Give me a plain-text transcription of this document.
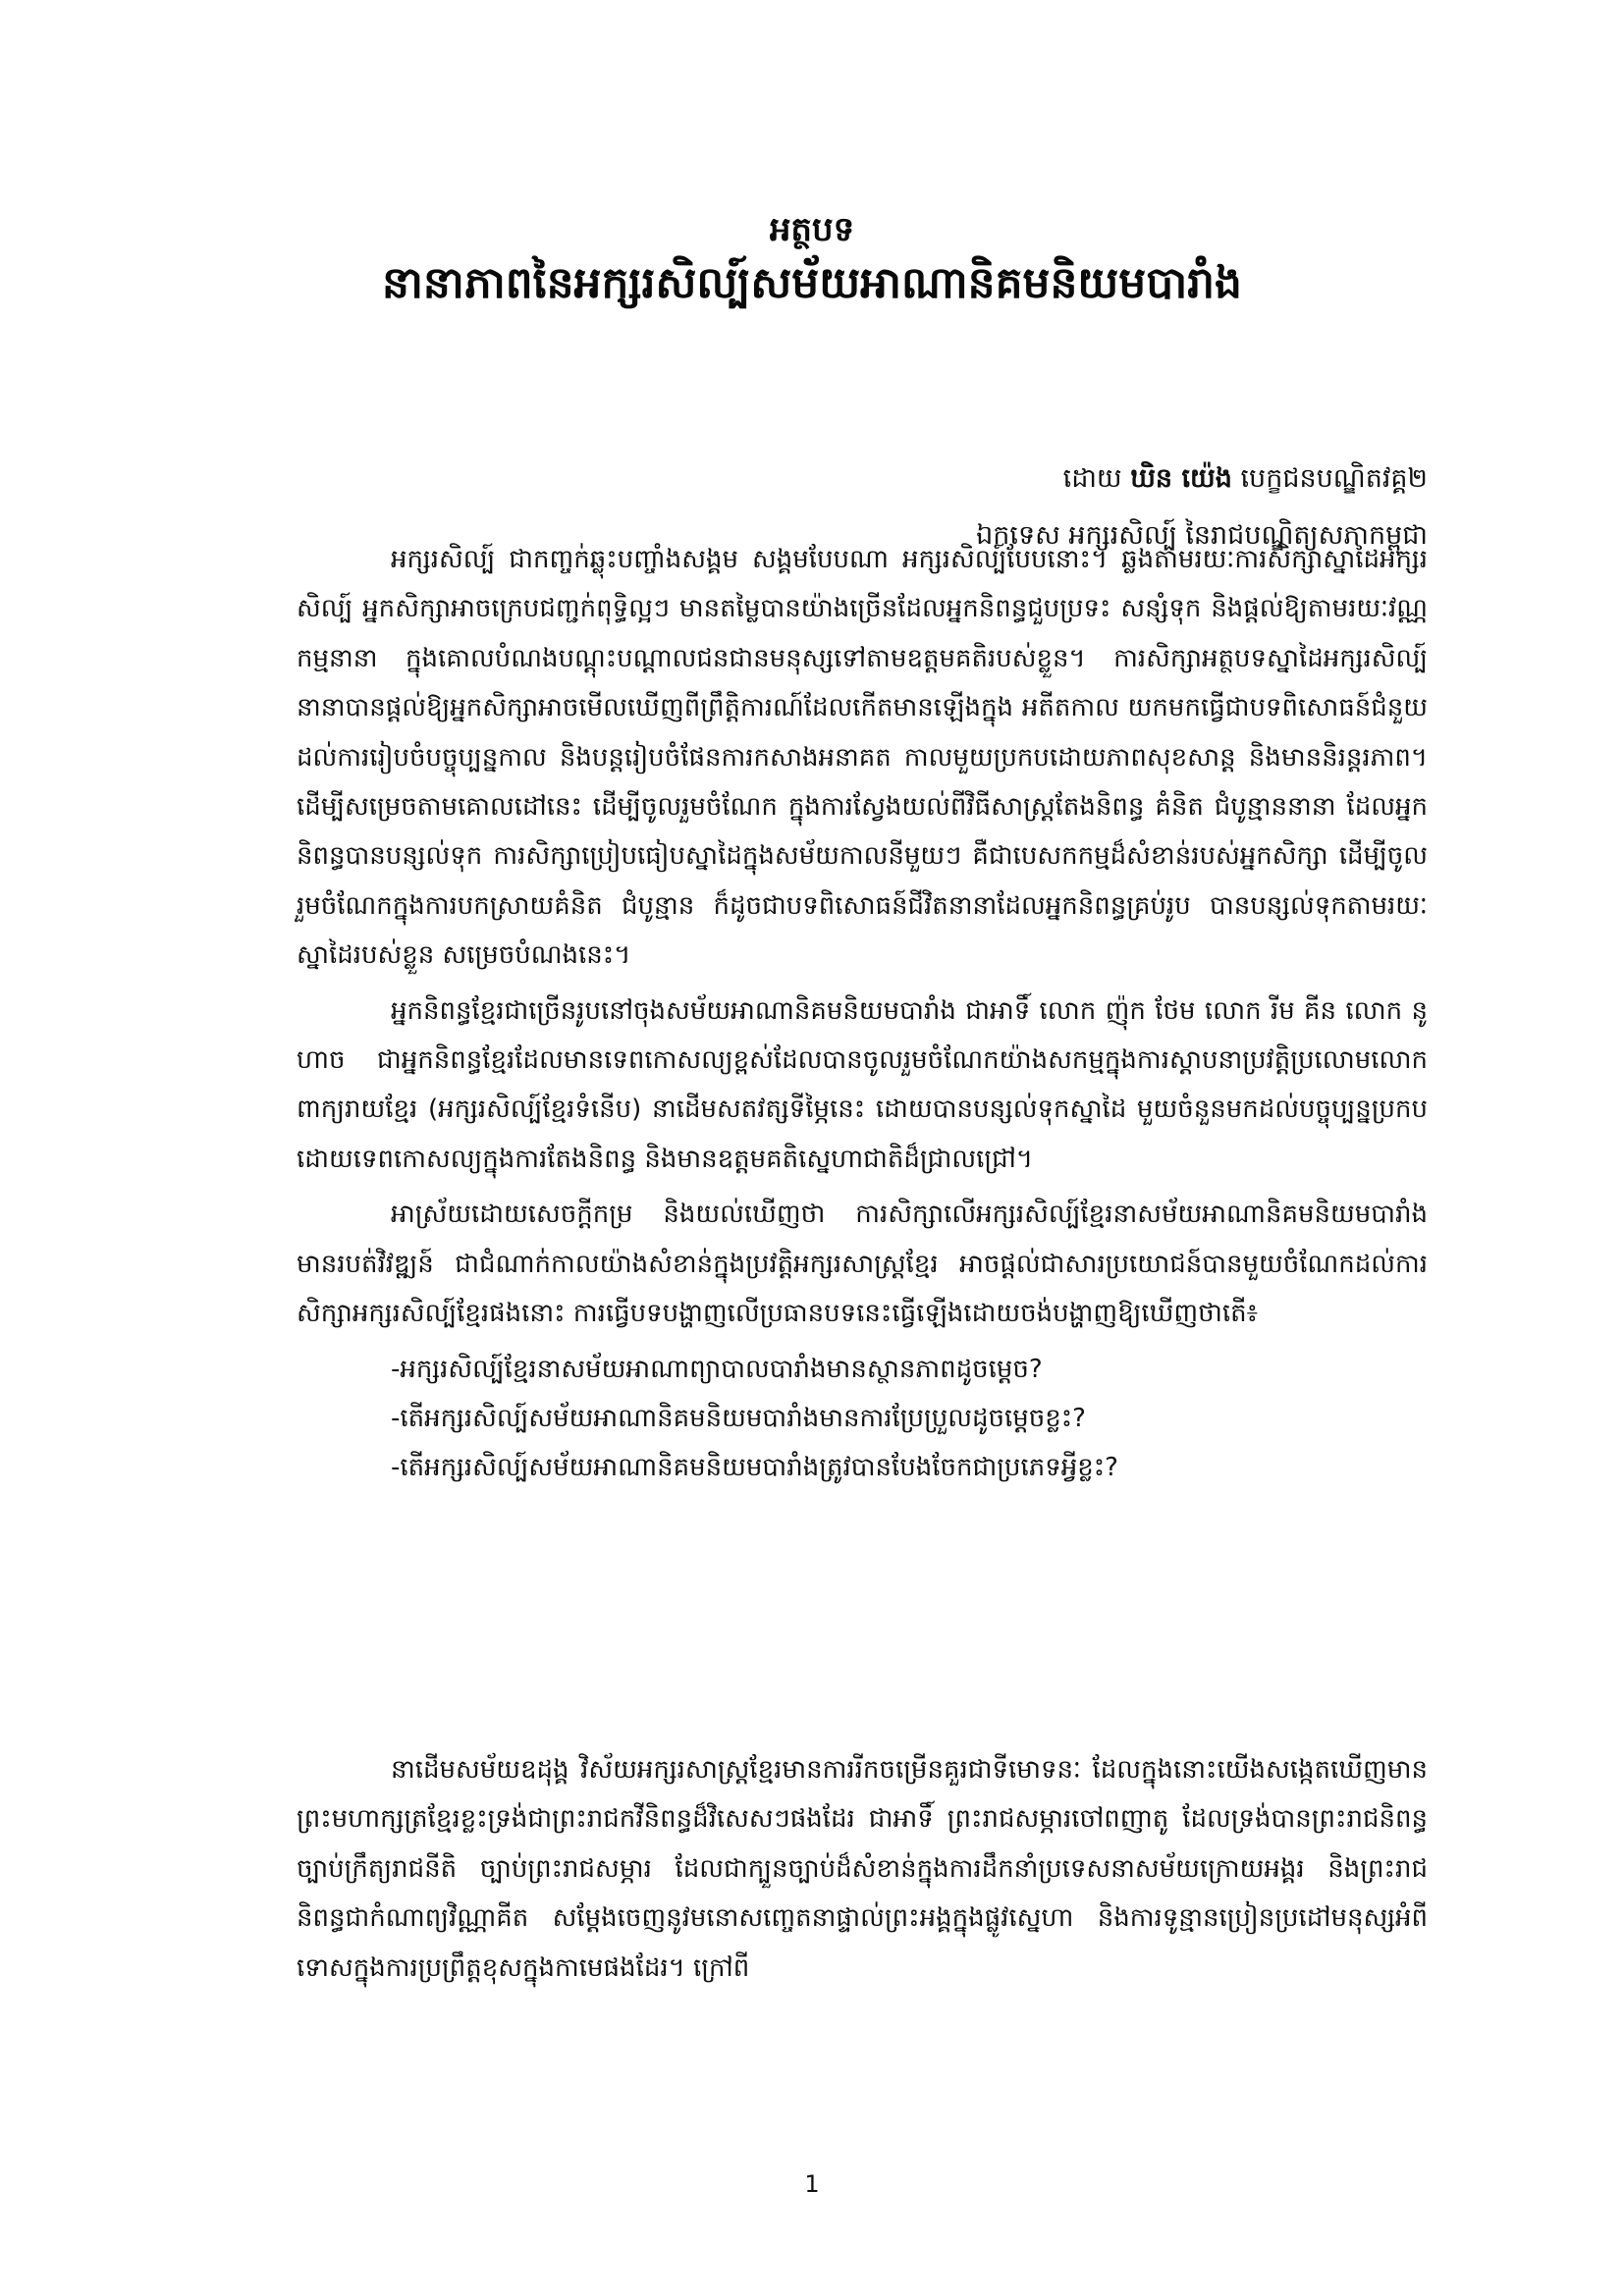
អត្ថបទ
នានាភាពនៃអក្សរសិល្ប៍សម័យអាណានិគមនិយមបារាំង
ដោយ ឃិន យ៉េង បេក្ខជនបណ្ឌិតវគ្គ២
ឯកទេស អក្សរសិល្ប៍ នៃរាជបណ្ឌិត្យសភាកម្ពុជា

អក្សរសិល្ប៍ ជាកញ្ចក់ឆ្លុះបញ្ចាំងសង្គម សង្គមបែបណា អក្សរសិល្ប៍បែបនោះ។ ឆ្លងតាមរយៈការសិក្សាស្នាដៃអក្សរសិល្ប៍ អ្នកសិក្សាអាចក្រេបជញ្ជក់ពុទ្ធិល្អៗ មានតម្លៃបានយ៉ាងច្រើនដែលអ្នកនិពន្ធជួបប្រទះ សន្សំទុក និងផ្តល់ឱ្យតាមរយៈវណ្ណកម្មនានា ក្នុងគោលបំណងបណ្តុះបណ្តាលជនជានមនុស្សទៅតាមឧត្តមគតិរបស់ខ្លួន។ ការសិក្សាអត្ថបទស្នាដៃអក្សរសិល្ប៍នានាបានផ្តល់ឱ្យអ្នកសិក្សាអាចមើលឃើញពីព្រឹត្តិការណ៍ដែលកើតមានឡើងក្នុង អតីតកាល យកមកធ្វើជាបទពិសោធន៍ជំនួយដល់ការរៀបចំបច្ចុប្បន្នកាល និងបន្តរៀបចំផែនការកសាងអនាគត កាលមួយប្រកបដោយភាពសុខសាន្ត និងមាននិរន្តរភាព។ ដើម្បីសម្រេចតាមគោលដៅនេះ ដើម្បីចូលរួមចំណែក ក្នុងការស្វែងយល់ពីវិធីសាស្ត្រតែងនិពន្ធ គំនិត ជំបូន្មាននានា ដែលអ្នកនិពន្ធបានបន្សល់ទុក ការសិក្សាប្រៀបធៀបស្នាដៃក្នុងសម័យកាលនីមួយៗ គឺជាបេសកកម្មដ៏សំខាន់របស់អ្នកសិក្សា ដើម្បីចូលរួមចំណែកក្នុងការបកស្រាយគំនិត ជំបូន្មាន ក៏ដូចជាបទពិសោធន៍ជីវិតនានាដែលអ្នកនិពន្ធគ្រប់រូប បានបន្សល់ទុកតាមរយៈស្នាដៃរបស់ខ្លួន សម្រេចបំណងនេះ។

អ្នកនិពន្ធខ្មែរជាច្រើនរូបនៅចុងសម័យអាណានិគមនិយមបារាំង ជាអាទិ៍ លោក ញ៉ុក ថែម លោក រីម គីន លោក នូ ហាច ជាអ្នកនិពន្ធខ្មែរដែលមានទេពកោសល្យខ្ពស់ដែលបានចូលរួមចំណែកយ៉ាងសកម្មក្នុងការស្តាបនាប្រវត្តិប្រលោមលោកពាក្យរាយខ្មែរ (អក្សរសិល្ប៍ខ្មែរទំនើប) នាដើមសតវត្សទីម្ភៃនេះ ដោយបានបន្សល់ទុកស្នាដៃ មួយចំនួនមកដល់បច្ចុប្បន្នប្រកបដោយទេពកោសល្យក្នុងការតែងនិពន្ធ និងមានឧត្តមគតិស្នេហាជាតិដ៏ជ្រាលជ្រៅ។

អាស្រ័យដោយសេចក្តីកម្រ និងយល់ឃើញថា ការសិក្សាលើអក្សរសិល្ប៍ខ្មែរនាសម័យអាណានិគមនិយមបារាំង មានរបត់វិវឌ្ឍន៍ ជាជំណាក់កាលយ៉ាងសំខាន់ក្នុងប្រវត្តិអក្សរសាស្ត្រខ្មែរ អាចផ្តល់ជាសារប្រយោជន៍បានមួយចំណែកដល់ការសិក្សាអក្សរសិល្ប៍ខ្មែរផងនោះ ការធ្វើបទបង្ហាញលើប្រធានបទនេះធ្វើឡើងដោយចង់បង្ហាញឱ្យឃើញថាតើ៖

-អក្សរសិល្ប៍ខ្មែរនាសម័យអាណាព្យាបាលបារាំងមានស្ថានភាពដូចម្តេច?

-តើអក្សរសិល្ប៍សម័យអាណានិគមនិយមបារាំងមានការប្រែប្រួលដូចម្តេចខ្លះ?

-តើអក្សរសិល្ប៍សម័យអាណានិគមនិយមបារាំងត្រូវបានបែងចែកជាប្រភេទអ្វីខ្លះ?

នាដើមសម័យឧដុង្គ វិស័យអក្សរសាស្ត្រខ្មែរមានការរីកចម្រើនគួរជាទីមោទនៈ ដែលក្នុងនោះយើងសង្កេតឃើញមានព្រះមហាក្សត្រខ្មែរខ្លះទ្រង់ជាព្រះរាជកវីនិពន្ធដ៏វិសេសៗផងដែរ ជាអាទិ៍ ព្រះរាជសម្ភារចៅពញាតូ ដែលទ្រង់បានព្រះរាជនិពន្ធច្បាប់ក្រឹត្យរាជនីតិ ច្បាប់ព្រះរាជសម្ភារ ដែលជាក្បួនច្បាប់ដ៏សំខាន់ក្នុងការដឹកនាំប្រទេសនាសម័យក្រោយអង្គរ និងព្រះរាជនិពន្ធជាកំណាព្យវិណ្ណាគីត សម្តែងចេញនូវមនោសញ្ចេតនាផ្ទាល់ព្រះអង្គក្នុងផ្លូវស្នេហា និងការទូន្មានប្រៀនប្រដៅមនុស្សអំពីទោសក្នុងការប្រព្រឹត្តខុសក្នុងកាមេផងដែរ។ ក្រៅពី

1
